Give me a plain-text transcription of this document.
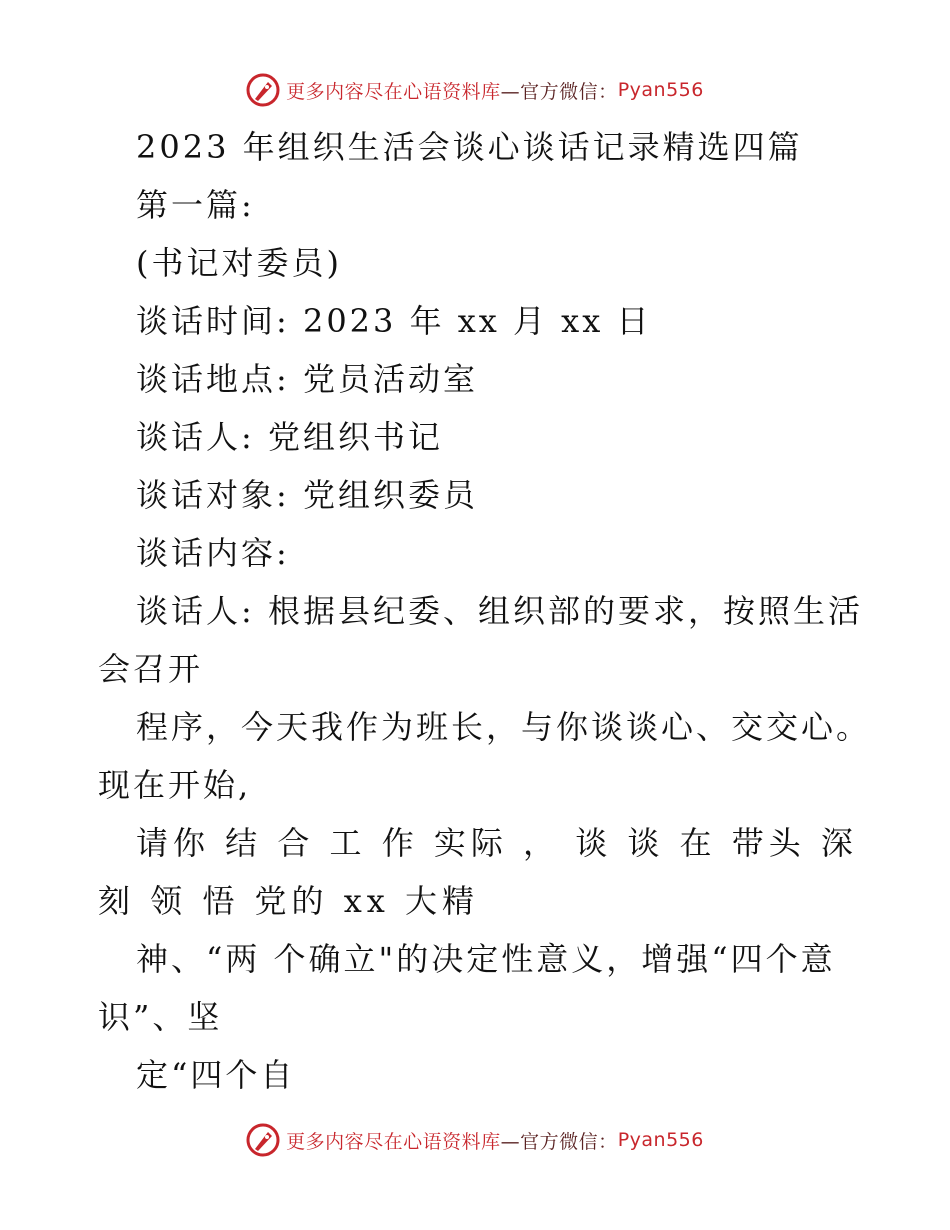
更多内容尽在心语资料库 —官方微信： Pyan556
2023 年组织生活会谈心谈话记录精选四篇
第一篇:
(书记对委员)
谈话时间: 2023 年 xx 月 xx 日
谈话地点: 党员活动室
谈话人: 党组织书记
谈话对象: 党组织委员
谈话内容:
谈话人: 根据县纪委、组织部的要求，按照生活
会召开
程序，今天我作为班长，与你谈谈心、交交心。
现在开始,
请你 结 合 工 作 实际 ， 谈 谈 在 带头 深
刻 领 悟 党的 xx 大精
神、“两 个确立"的决定性意义，增强“四个意
识”、坚
定“四个自
更多内容尽在心语资料库 —官方微信： Pyan556
